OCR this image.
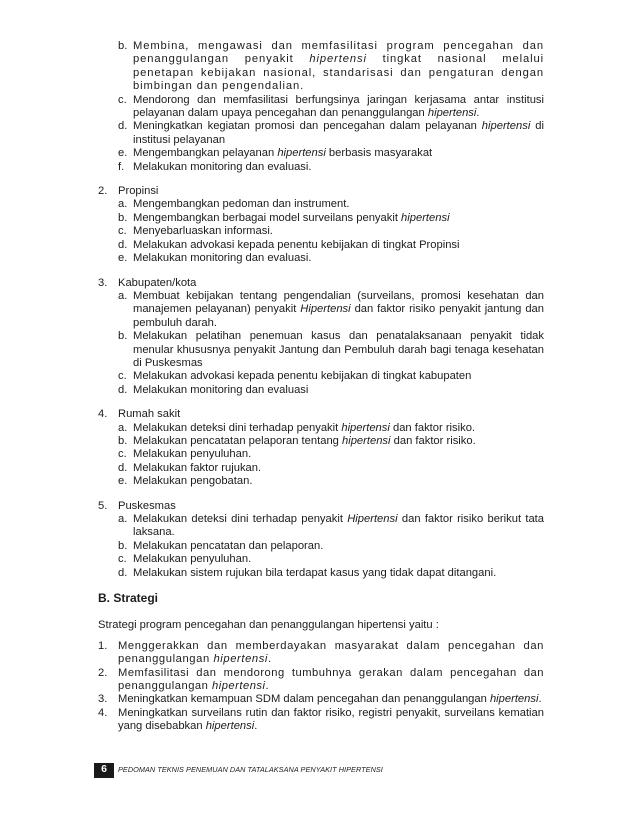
b. Membina, mengawasi dan memfasilitasi program pencegahan dan penanggulangan penyakit hipertensi tingkat nasional melalui penetapan kebijakan nasional, standarisasi dan pengaturan dengan bimbingan dan pengendalian.
c. Mendorong dan memfasilitasi berfungsinya jaringan kerjasama antar institusi pelayanan dalam upaya pencegahan dan penanggulangan hipertensi.
d. Meningkatkan kegiatan promosi dan pencegahan dalam pelayanan hipertensi di institusi pelayanan
e. Mengembangkan pelayanan hipertensi berbasis masyarakat
f. Melakukan monitoring dan evaluasi.
2. Propinsi
a. Mengembangkan pedoman dan instrument.
b. Mengembangkan berbagai model surveilans penyakit hipertensi
c. Menyebarluaskan informasi.
d. Melakukan advokasi kepada penentu kebijakan di tingkat Propinsi
e. Melakukan monitoring dan evaluasi.
3. Kabupaten/kota
a. Membuat kebijakan tentang pengendalian (surveilans, promosi kesehatan dan manajemen pelayanan) penyakit Hipertensi dan faktor risiko penyakit jantung dan pembuluh darah.
b. Melakukan pelatihan penemuan kasus dan penatalaksanaan penyakit tidak menular khususnya penyakit Jantung dan Pembuluh darah bagi tenaga kesehatan di Puskesmas
c. Melakukan advokasi kepada penentu kebijakan di tingkat kabupaten
d. Melakukan monitoring dan evaluasi
4. Rumah sakit
a. Melakukan deteksi dini terhadap penyakit hipertensi dan faktor risiko.
b. Melakukan pencatatan pelaporan tentang hipertensi dan faktor risiko.
c. Melakukan penyuluhan.
d. Melakukan faktor rujukan.
e. Melakukan pengobatan.
5. Puskesmas
a. Melakukan deteksi dini terhadap penyakit Hipertensi dan faktor risiko berikut tata laksana.
b. Melakukan pencatatan dan pelaporan.
c. Melakukan penyuluhan.
d. Melakukan sistem rujukan bila terdapat kasus yang tidak dapat ditangani.
B. Strategi

Strategi program pencegahan dan penanggulangan hipertensi yaitu :

1. Menggerakkan dan memberdayakan masyarakat dalam pencegahan dan penanggulangan hipertensi.
2. Memfasilitasi dan mendorong tumbuhnya gerakan dalam pencegahan dan penanggulangan hipertensi.
3. Meningkatkan kemampuan SDM dalam pencegahan dan penanggulangan hipertensi.
4. Meningkatkan surveilans rutin dan faktor risiko, registri penyakit, surveilans kematian yang disebabkan hipertensi.
6	PEDOMAN TEKNIS PENEMUAN DAN TATALAKSANA PENYAKIT HIPERTENSI
